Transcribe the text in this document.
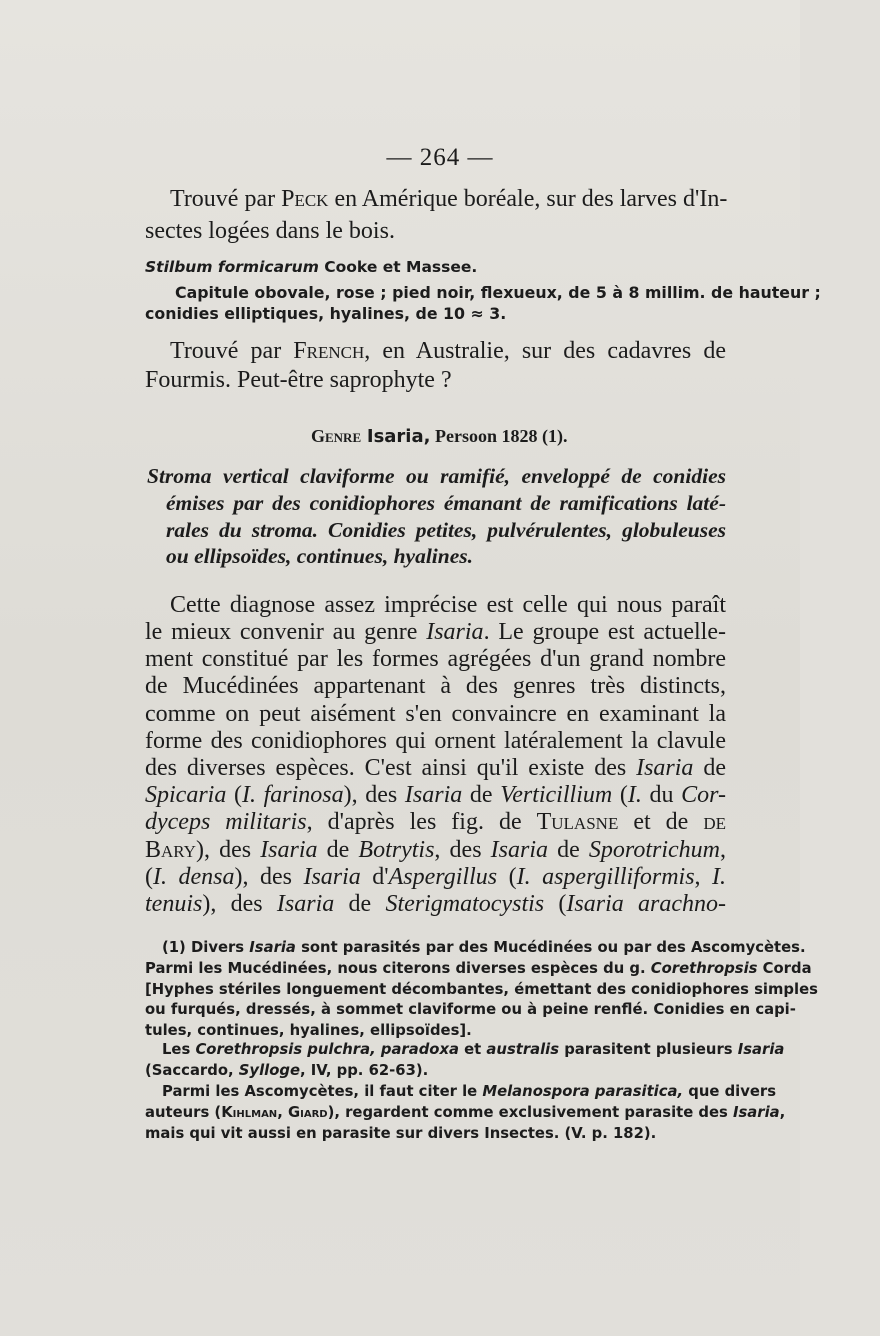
— 264 —
Trouvé par Peck en Amérique boréale, sur des larves d'In-
sectes logées dans le bois.
Stilbum formicarum Cooke et Massee.
Capitule obovale, rose ; pied noir, flexueux, de 5 à 8 millim. de hauteur ;
conidies elliptiques, hyalines, de 10 ≈ 3.
Trouvé par French, en Australie, sur des cadavres de
Fourmis. Peut-être saprophyte ?
Genre Isaria, Persoon 1828 (1).
Stroma vertical claviforme ou ramifié, enveloppé de conidies
émises par des conidiophores émanant de ramifications laté-
rales du stroma. Conidies petites, pulvérulentes, globuleuses
ou ellipsoïdes, continues, hyalines.
Cette diagnose assez imprécise est celle qui nous paraît
le mieux convenir au genre Isaria. Le groupe est actuelle-
ment constitué par les formes agrégées d'un grand nombre
de Mucédinées appartenant à des genres très distincts,
comme on peut aisément s'en convaincre en examinant la
forme des conidiophores qui ornent latéralement la clavule
des diverses espèces. C'est ainsi qu'il existe des Isaria de
Spicaria (I. farinosa), des Isaria de Verticillium (I. du Cor-
dyceps militaris, d'après les fig. de Tulasne et de de
Bary), des Isaria de Botrytis, des Isaria de Sporotrichum,
(I. densa), des Isaria d'Aspergillus (I. aspergilliformis, I.
tenuis), des Isaria de Sterigmatocystis (Isaria arachno-
(1) Divers Isaria sont parasités par des Mucédinées ou par des Ascomycètes.
Parmi les Mucédinées, nous citerons diverses espèces du g. Corethropsis Corda
[Hyphes stériles longuement décombantes, émettant des conidiophores simples
ou furqués, dressés, à sommet claviforme ou à peine renflé. Conidies en capi-
tules, continues, hyalines, ellipsoïdes].
Les Corethropsis pulchra, paradoxa et australis parasitent plusieurs Isaria
(Saccardo, Sylloge, IV, pp. 62-63).
Parmi les Ascomycètes, il faut citer le Melanospora parasitica, que divers
auteurs (Kihlman, Giard), regardent comme exclusivement parasite des Isaria,
mais qui vit aussi en parasite sur divers Insectes. (V. p. 182).
